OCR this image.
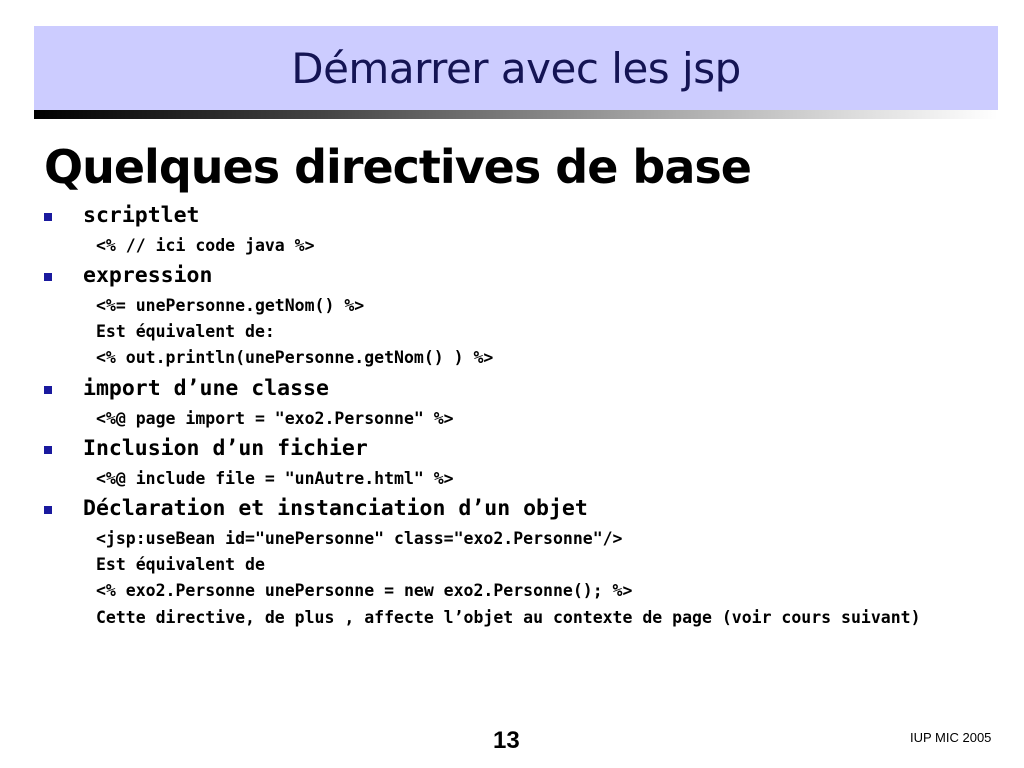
Démarrer avec les jsp
Quelques directives de base
scriptlet
<% // ici code java %>
expression
<%= unePersonne.getNom() %>
Est équivalent de:
<% out.println(unePersonne.getNom() ) %>
import d’une classe
<%@ page import = "exo2.Personne" %>
Inclusion d’un fichier
<%@ include file = "unAutre.html" %>
Déclaration et instanciation d’un objet
<jsp:useBean id="unePersonne" class="exo2.Personne"/>
Est équivalent de
<% exo2.Personne unePersonne = new exo2.Personne(); %>
Cette directive, de plus , affecte l’objet au contexte de page (voir cours suivant)
13	IUP MIC 2005
